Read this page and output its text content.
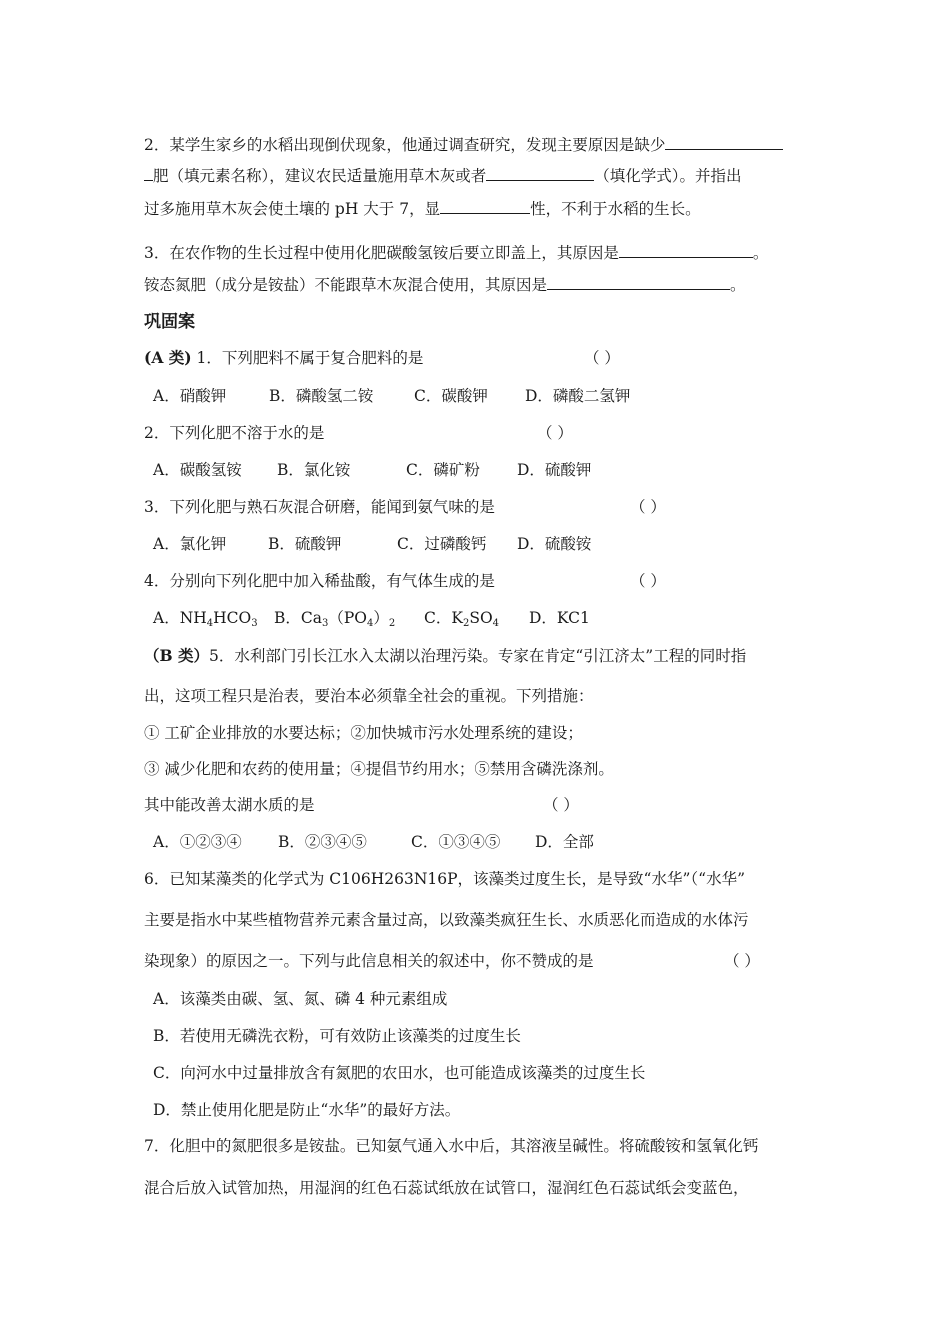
2．某学生家乡的水稻出现倒伏现象，他通过调查研究，发现主要原因是缺少
肥（填元素名称），建议农民适量施用草木灰或者	（填化学式）。并指出
过多施用草木灰会使土壤的 pH 大于 7，显	性，不利于水稻的生长。
3．在农作物的生长过程中使用化肥碳酸氢铵后要立即盖上，其原因是	。
铵态氮肥（成分是铵盐）不能跟草木灰混合使用，其原因是	。
巩固案
(A 类) 1．下列肥料不属于复合肥料的是	（ ）
A．硝酸钾	B．磷酸氢二铵	C．碳酸钾 D．磷酸二氢钾
2．下列化肥不溶于水的是	（ ）
A．碳酸氢铵 B．氯化铵	C．磷矿粉 D．硫酸钾
3．下列化肥与熟石灰混合研磨，能闻到氨气味的是	（ ）
A．氯化钾	B．硫酸钾	C．过磷酸钙 D．硫酸铵
4．分别向下列化肥中加入稀盐酸，有气体生成的是	（ ）
A．$NH_4HCO_3$ B．$Ca_3(PO_4)_2$ C．$K_2SO_4$ D．KC1
（B 类）5．水利部门引长江水入太湖以治理污染。专家在肯定“引江济太”工程的同时指
出，这项工程只是治表，要治本必须靠全社会的重视。下列措施：
① 工矿企业排放的水要达标；②加快城市污水处理系统的建设；
③ 减少化肥和农药的使用量；④提倡节约用水；⑤禁用含磷洗涤剂。
其中能改善太湖水质的是	（ ）
A．①②③④ B．②③④⑤	C．①③④⑤ D．全部
6．已知某藻类的化学式为 C106H263N16P，该藻类过度生长，是导致“水华”（“水华”
主要是指水中某些植物营养元素含量过高，以致藻类疯狂生长、水质恶化而造成的水体污
染现象）的原因之一。下列与此信息相关的叙述中，你不赞成的是	（ ）
A．该藻类由碳、氢、氮、磷 4 种元素组成
B．若使用无磷洗衣粉，可有效防止该藻类的过度生长
C．向河水中过量排放含有氮肥的农田水，也可能造成该藻类的过度生长
D．禁止使用化肥是防止“水华”的最好方法。
7．化胆中的氮肥很多是铵盐。已知氨气通入水中后，其溶液呈碱性。将硫酸铵和氢氧化钙
混合后放入试管加热，用湿润的红色石蕊试纸放在试管口，湿润红色石蕊试纸会变蓝色，
